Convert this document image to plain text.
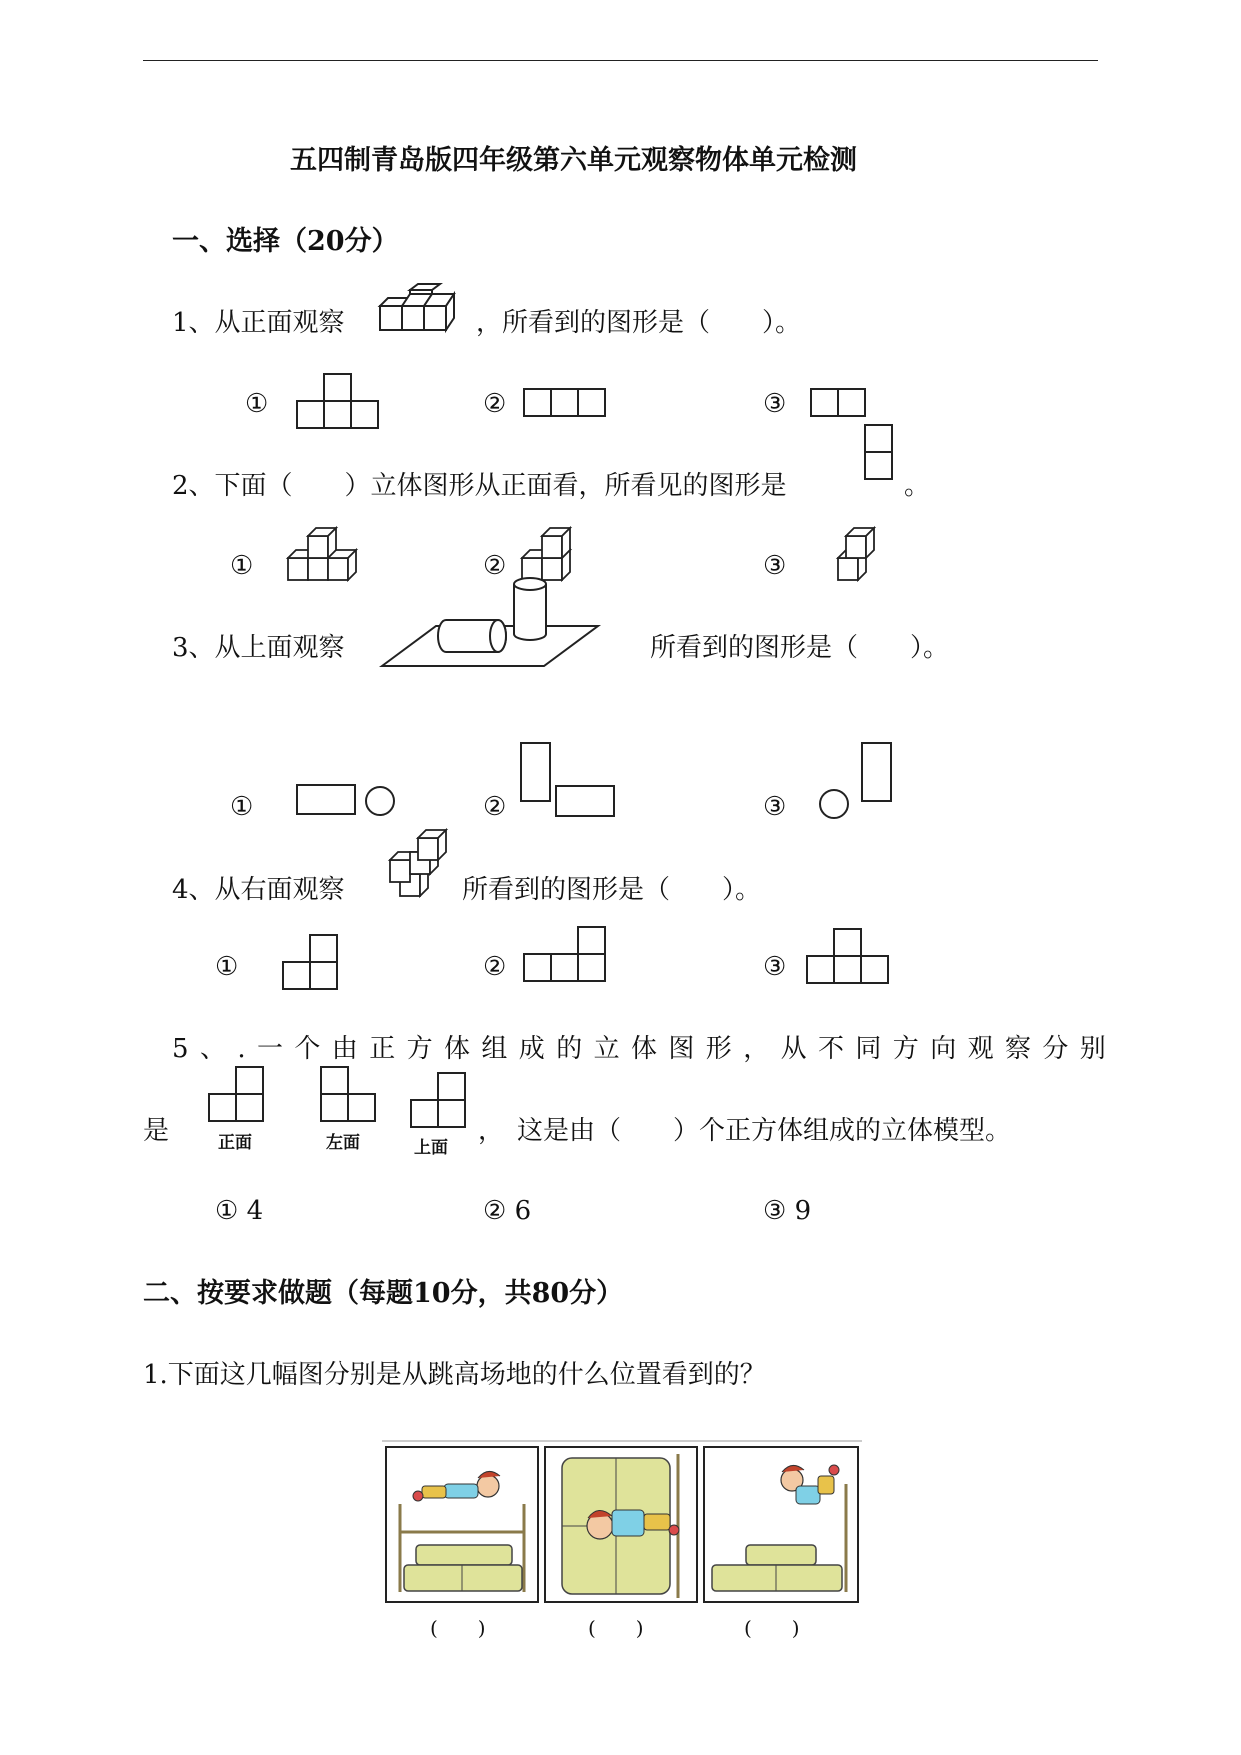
五四制青岛版四年级第六单元观察物体单元检测
一、选择（20分）
1、从正面观察	，所看到的图形是（　　）。
①	②	③
2、下面（　　）立体图形从正面看，所看见的图形是	。
①	②	③
3、从上面观察	所看到的图形是（　　）。
①	②	③
4、从右面观察	所看到的图形是（　　）。
①	②	③
5、.一个由正方体组成的立体图形，从不同方向观察分别
是	正面	左面	上面
，　这是由（　　）个正方体组成的立体模型。
① 4	② 6	③ 9
二、按要求做题（每题10分，共80分）
1.下面这几幅图分别是从跳高场地的什么位置看到的？
(　　)	(　　)	(　　)
